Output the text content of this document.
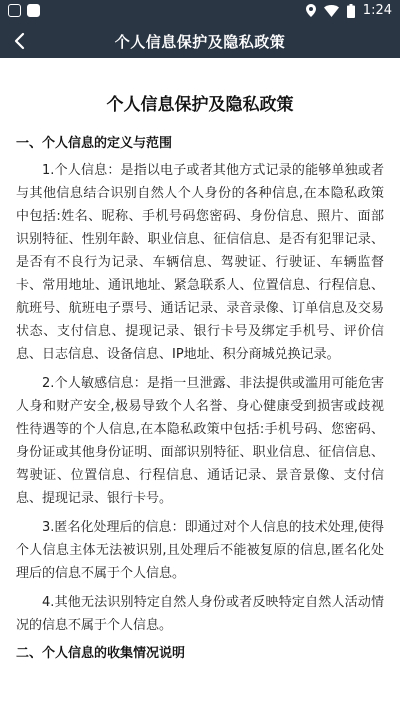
1:24
个人信息保护及隐私政策
个人信息保护及隐私政策
一、个人信息的定义与范围

1.个人信息：是指以电子或者其他方式记录的能够单独或者与其他信息结合识别自然人个人身份的各种信息,在本隐私政策中包括:姓名、昵称、手机号码您密码、身份信息、照片、面部识别特征、性别年龄、职业信息、征信信息、是否有犯罪记录、是否有不良行为记录、车辆信息、驾驶证、行驶证、车辆监督卡、常用地址、通讯地址、紧急联系人、位置信息、行程信息、航班号、航班电子票号、通话记录、录音录像、订单信息及交易状态、支付信息、提现记录、银行卡号及绑定手机号、评价信息、日志信息、设备信息、IP地址、积分商城兑换记录。

2.个人敏感信息：是指一旦泄露、非法提供或滥用可能危害人身和财产安全,极易导致个人名誉、身心健康受到损害或歧视性待遇等的个人信息,在本隐私政策中包括:手机号码、您密码、身份证或其他身份证明、面部识别特征、职业信息、征信信息、驾驶证、位置信息、行程信息、通话记录、景音景像、支付信息、提现记录、银行卡号。

3.匿名化处理后的信息：即通过对个人信息的技术处理,使得个人信息主体无法被识别,且处理后不能被复原的信息,匿名化处理后的信息不属于个人信息。

4.其他无法识别特定自然人身份或者反映特定自然人活动情况的信息不属于个人信息。

二、个人信息的收集情况说明
